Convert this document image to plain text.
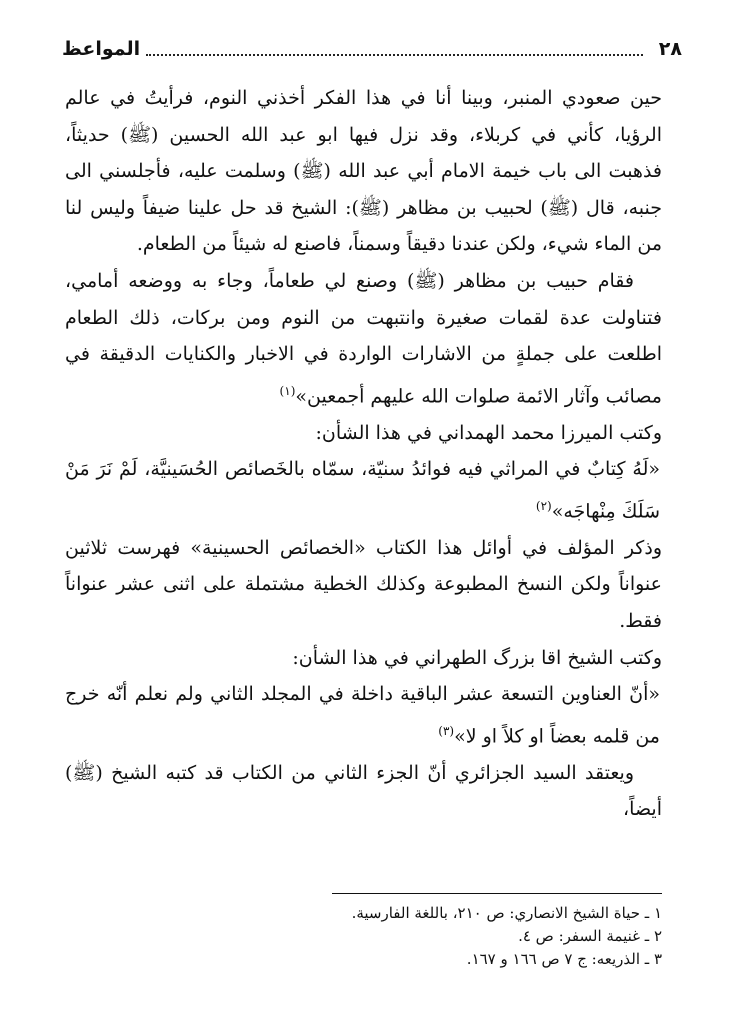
٢٨
المواعظ

حين صعودي المنبر، وبينا أنا في هذا الفكر أخذني النوم، فرأيتُ في عالم الرؤيا، كأني في كربلاء، وقد نزل فيها ابو عبد الله الحسين (ﷺ) حديثاً، فذهبت الى باب خيمة الامام أبي عبد الله (ﷺ) وسلمت عليه، فأجلسني الى جنبه، قال (ﷺ) لحبيب بن مظاهر (ﷺ): الشيخ قد حل علينا ضيفاً وليس لنا من الماء شيء، ولكن عندنا دقيقاً وسمناً، فاصنع له شيئاً من الطعام.

فقام حبيب بن مظاهر (ﷺ) وصنع لي طعاماً، وجاء به ووضعه أمامي، فتناولت عدة لقمات صغيرة وانتبهت من النوم ومن بركات، ذلك الطعام اطلعت على جملةٍ من الاشارات الواردة في الاخبار والكنايات الدقيقة في مصائب وآثار الائمة صلوات الله عليهم أجمعين»$^{(١)}$

وكتب الميرزا محمد الهمداني في هذا الشأن:

«لَهُ كِتابٌ في المراثي فيه فوائدُ سنيّة، سمّاه بالخَصائص الحُسَينيَّة، لَمْ نَرَ مَنْ سَلَكَ مِنْهاجَه»$^{(٢)}$

وذكر المؤلف في أوائل هذا الكتاب «الخصائص الحسينية» فهرست ثلاثين عنواناً ولكن النسخ المطبوعة وكذلك الخطية مشتملة على اثنى عشر عنواناً فقط.

وكتب الشيخ اقا بزرگ الطهراني في هذا الشأن:

«أنّ العناوين التسعة عشر الباقية داخلة في المجلد الثاني ولم نعلم أنّه خرج من قلمه بعضاً او كلاً او لا»$^{(٣)}$

ويعتقد السيد الجزائري أنّ الجزء الثاني من الكتاب قد كتبه الشيخ (ﷺ) أيضاً،

١ ـ حياة الشيخ الانصاري: ص ٢١٠، باللغة الفارسية.
٢ ـ غنيمة السفر: ص ٤.
٣ ـ الذريعه: ج ٧ ص ١٦٦ و ١٦٧.
